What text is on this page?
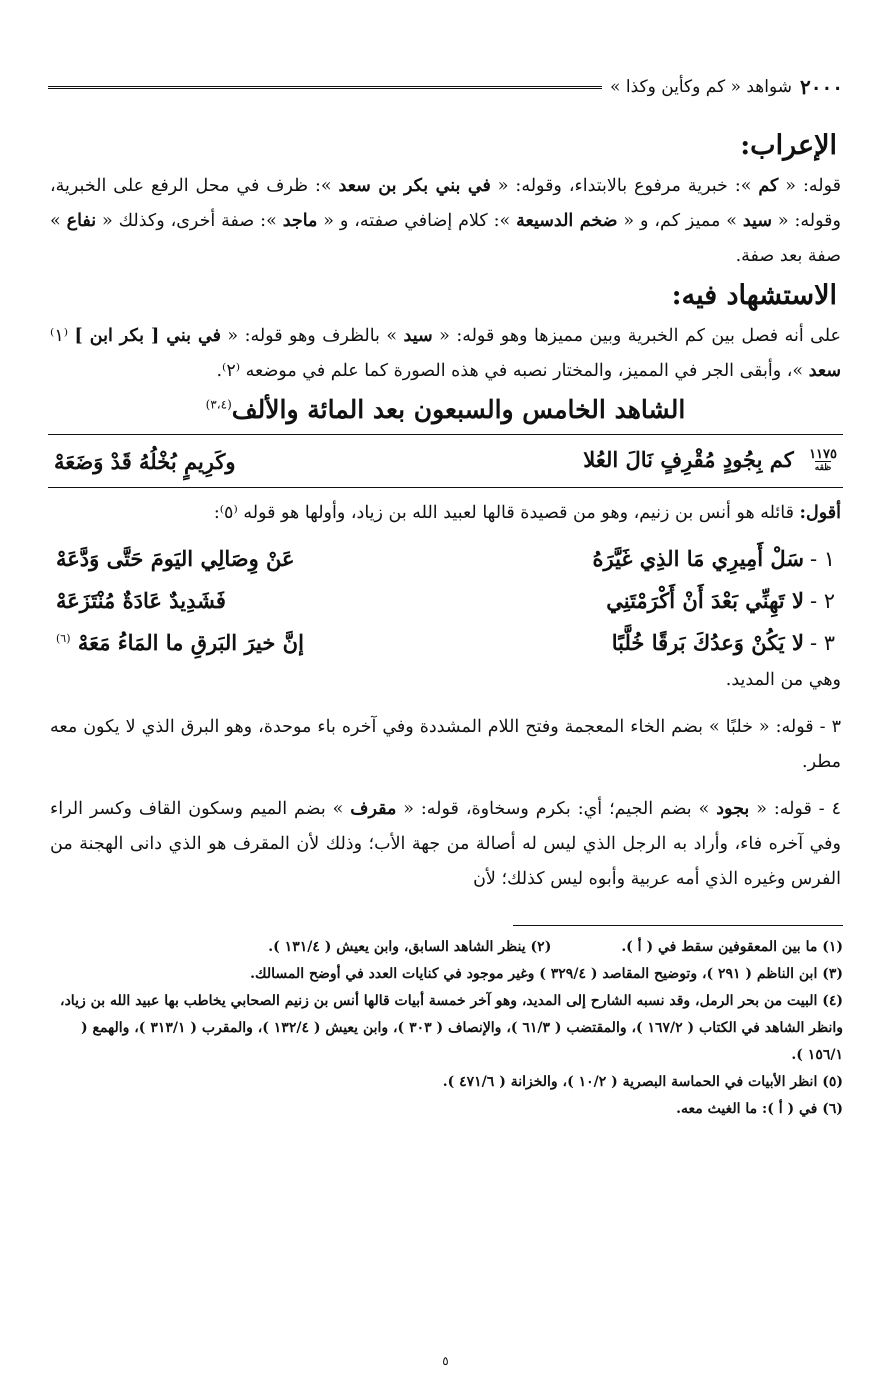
٢٠٠٠
شواهد « كم وكأين وكذا »
الإعراب:

قوله: « كم »: خبرية مرفوع بالابتداء، وقوله: « في بني بكر بن سعد »: ظرف في محل الرفع على الخبرية، وقوله: « سيد » مميز كم، و « ضخم الدسيعة »: كلام إضافي صفته، و « ماجد »: صفة أخرى، وكذلك « نفاع » صفة بعد صفة.

الاستشهاد فيه:

على أنه فصل بين كم الخبرية وبين مميزها وهو قوله: « سيد » بالظرف وهو قوله: « في بني [ بكر ابن ] ⁽١⁾ سعد »، وأبقى الجر في المميز، والمختار نصبه في هذه الصورة كما علم في موضعه ⁽٢⁾.

الشاهد الخامس والسبعون بعد المائة والألف$^{(٣،٤)}$
١١٧٥
ظقه
كم بِجُودٍ مُقْرِفٍ نَالَ العُلا
وكَرِيمٍ بُخْلُهُ قَدْ وَضَعَهْ

أقول: قائله هو أنس بن زنيم، وهو من قصيدة قالها لعبيد الله بن زياد، وأولها هو قوله ⁽٥⁾:

١ -سَلْ أَمِيرِي مَا الذِي غَيَّرَهُ
عَنْ وِصَالِي اليَومَ حَتَّى وَدَّعَهْ
٢ -لا تَهِنِّي بَعْدَ أَنْ أَكْرَمْتَنِي
فَشَدِيدٌ عَادَةٌ مُنْتَزَعَهْ
٣ -لا يَكُنْ وَعدُكَ بَرقًا خُلَّبًا
إنَّ خيرَ البَرقِ ما المَاءُ مَعَهْ $^{(٦)}$

وهي من المديد.

٣ - قوله: « خلبًا » بضم الخاء المعجمة وفتح اللام المشددة وفي آخره باء موحدة، وهو البرق الذي لا يكون معه مطر.

٤ - قوله: « بجود » بضم الجيم؛ أي: بكرم وسخاوة، قوله: « مقرف » بضم الميم وسكون القاف وكسر الراء وفي آخره فاء، وأراد به الرجل الذي ليس له أصالة من جهة الأب؛ وذلك لأن المقرف هو الذي دانى الهجنة من الفرس وغيره الذي أمه عربية وأبوه ليس كذلك؛ لأن

(١) ما بين المعقوفين سقط في ( أ ).
(٢) ينظر الشاهد السابق، وابن يعيش ( ١٣١/٤ ).
(٣) ابن الناظم ( ٢٩١ )، وتوضيح المقاصد ( ٣٢٩/٤ ) وغير موجود في كنايات العدد في أوضح المسالك.
(٤) البيت من بحر الرمل، وقد نسبه الشارح إلى المديد، وهو آخر خمسة أبيات قالها أنس بن زنيم الصحابي يخاطب بها عبيد الله بن زياد، وانظر الشاهد في الكتاب ( ١٦٧/٢ )، والمقتضب ( ٦١/٣ )، والإنصاف ( ٣٠٣ )، وابن يعيش ( ١٣٢/٤ )، والمقرب ( ٣١٣/١ )، والهمع ( ١٥٦/١ ).
(٥) انظر الأبيات في الحماسة البصرية ( ١٠/٢ )، والخزانة ( ٤٧١/٦ ).
(٦) في ( أ ): ما الغيث معه.
٥
